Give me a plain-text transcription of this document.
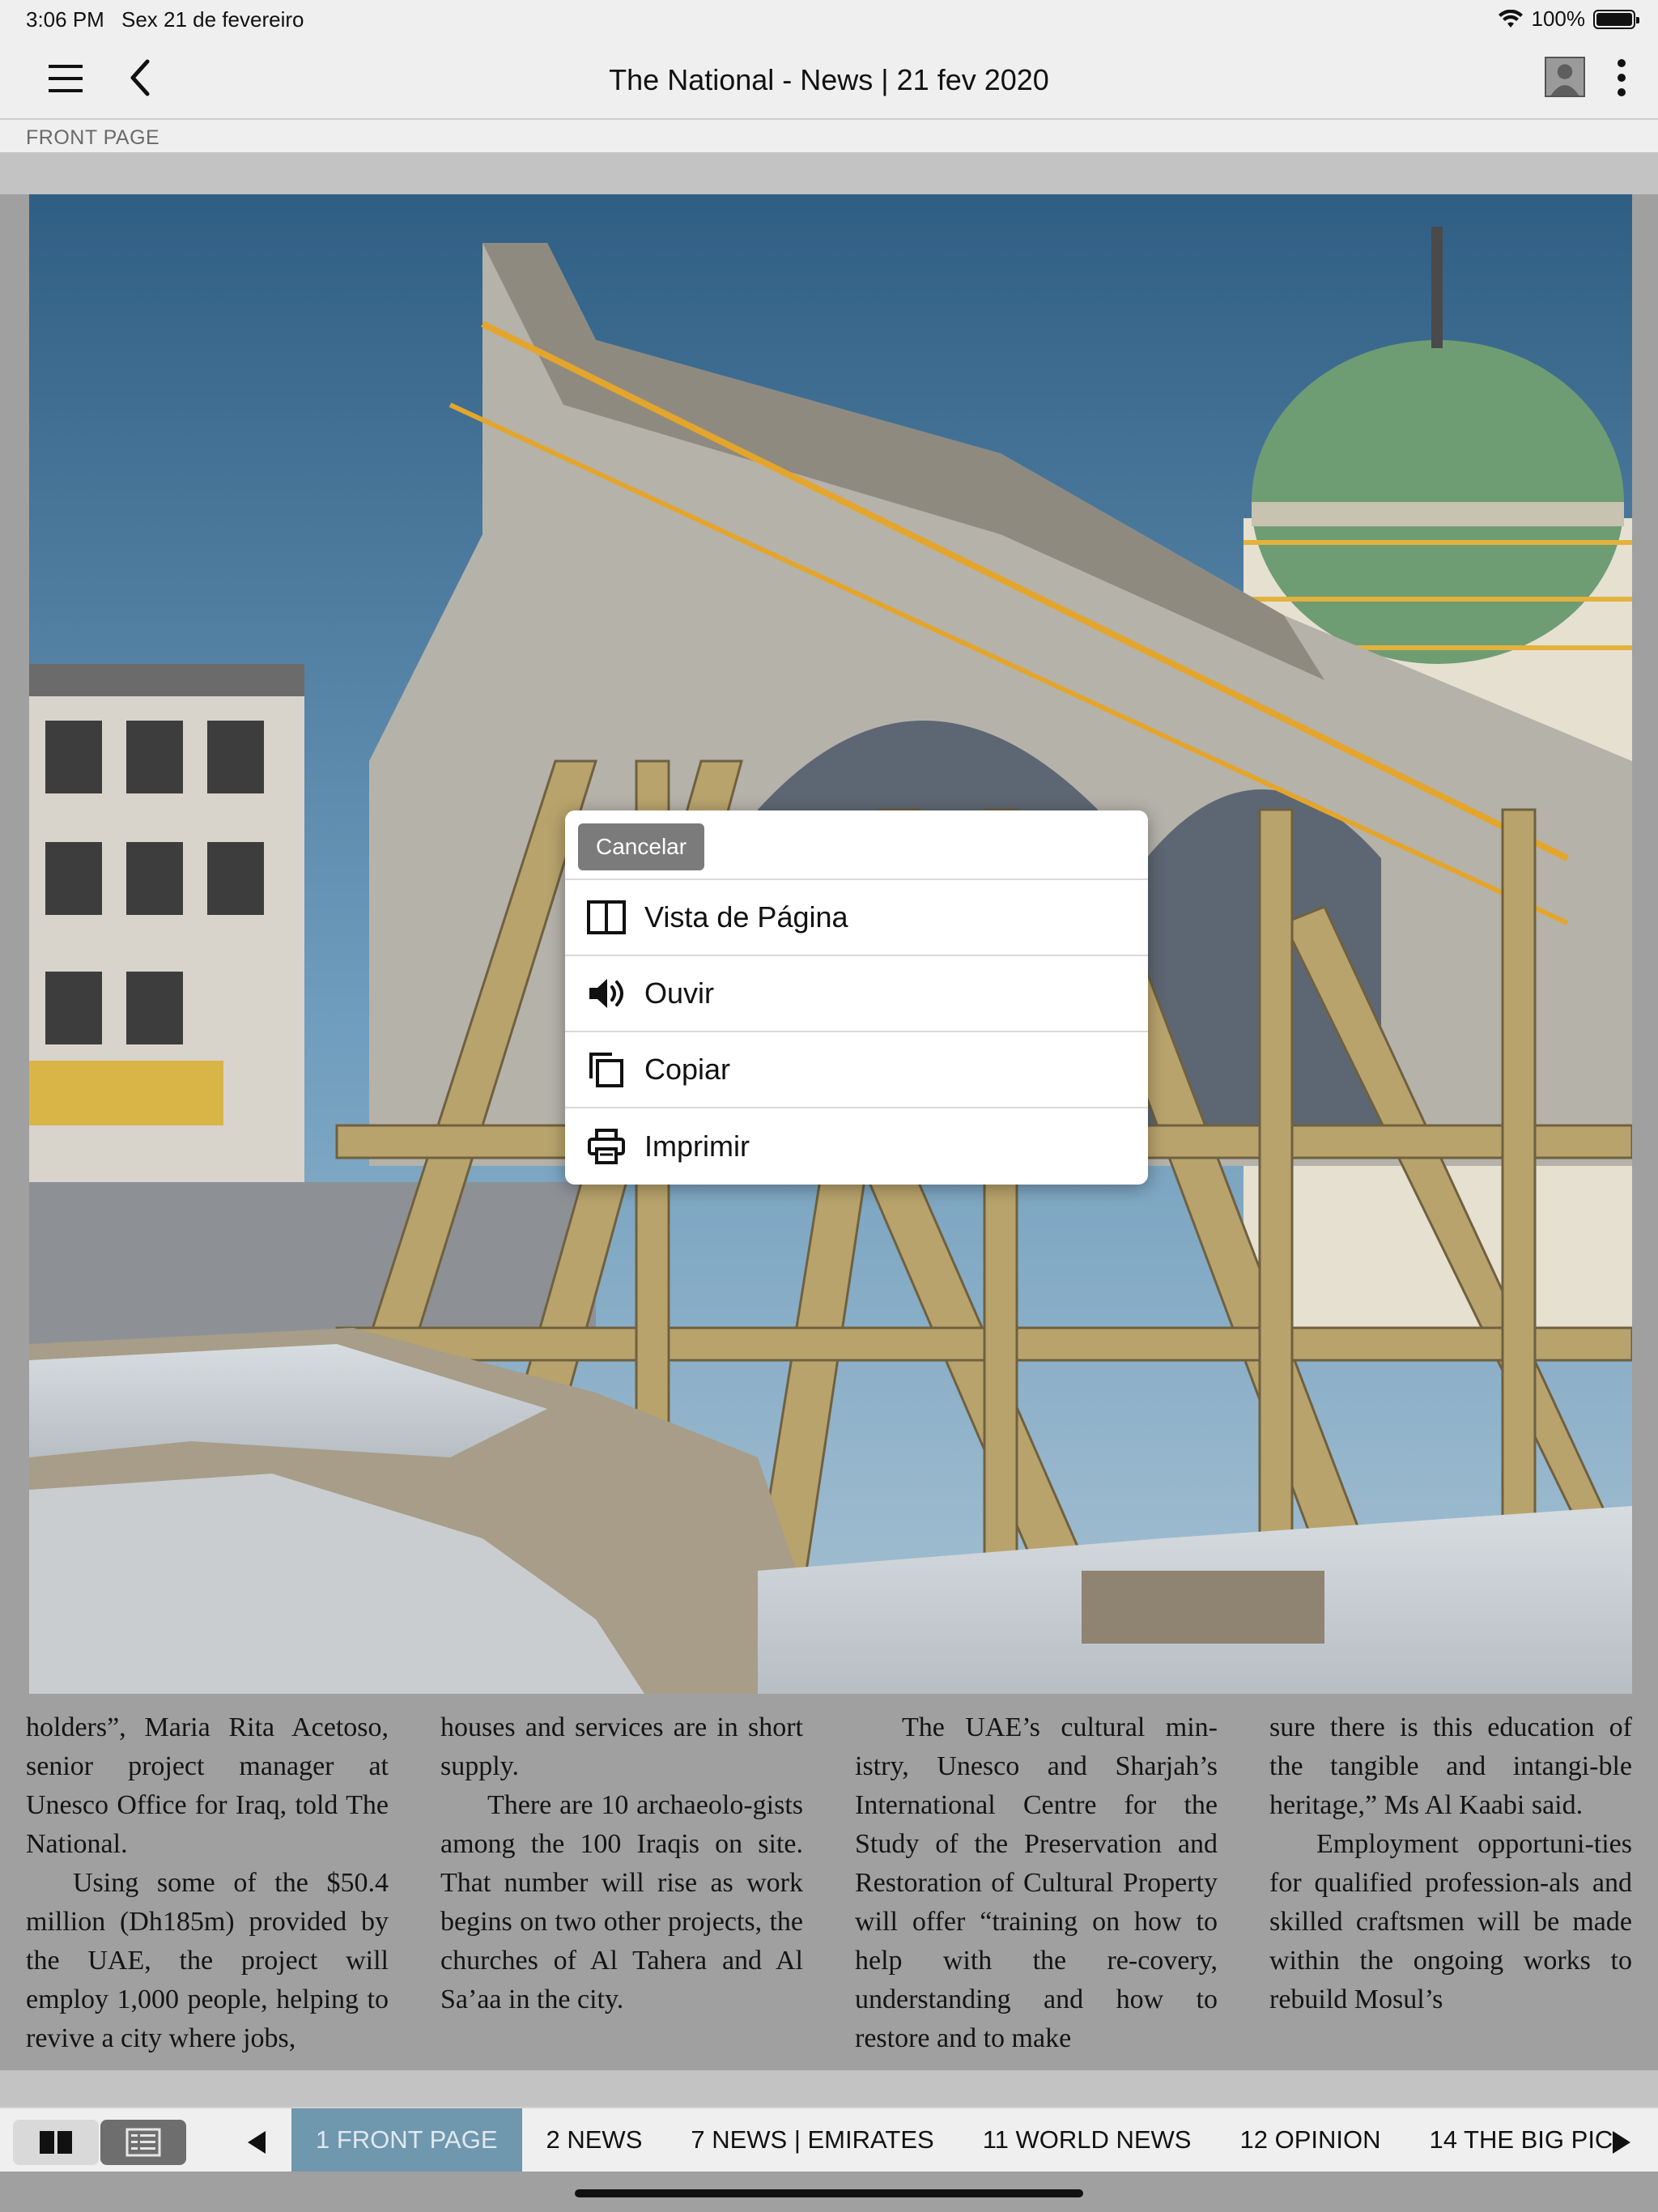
3:06 PM Sex 21 de fevereiro	100%
The National - News | 21 fev 2020
FRONT PAGE

holders”, Maria Rita Acetoso, senior project manager at Unesco Office for Iraq, told The National.

Using some of the $50.4 million (Dh185m) provided by the UAE, the project will employ 1,000 people, helping to revive a city where jobs,

houses and services are in short supply.

There are 10 archaeolo-gists among the 100 Iraqis on site. That number will rise as work begins on two other projects, the churches of Al Tahera and Al Sa’aa in the city.

The UAE’s cultural min-istry, Unesco and Sharjah’s International Centre for the Study of the Preservation and Restoration of Cultural Property will offer “training on how to help with the re-covery, understanding and how to restore and to make

sure there is this education of the tangible and intangi-ble heritage,” Ms Al Kaabi said.

Employment opportuni-ties for qualified profession-als and skilled craftsmen will be made within the ongoing works to rebuild Mosul’s

1 FRONT PAGE	2 NEWS	7 NEWS | EMIRATES	11 WORLD NEWS	12 OPINION	14 THE BIG PIC
Cancelar
Vista de Página
Ouvir
Copiar
Imprimir
